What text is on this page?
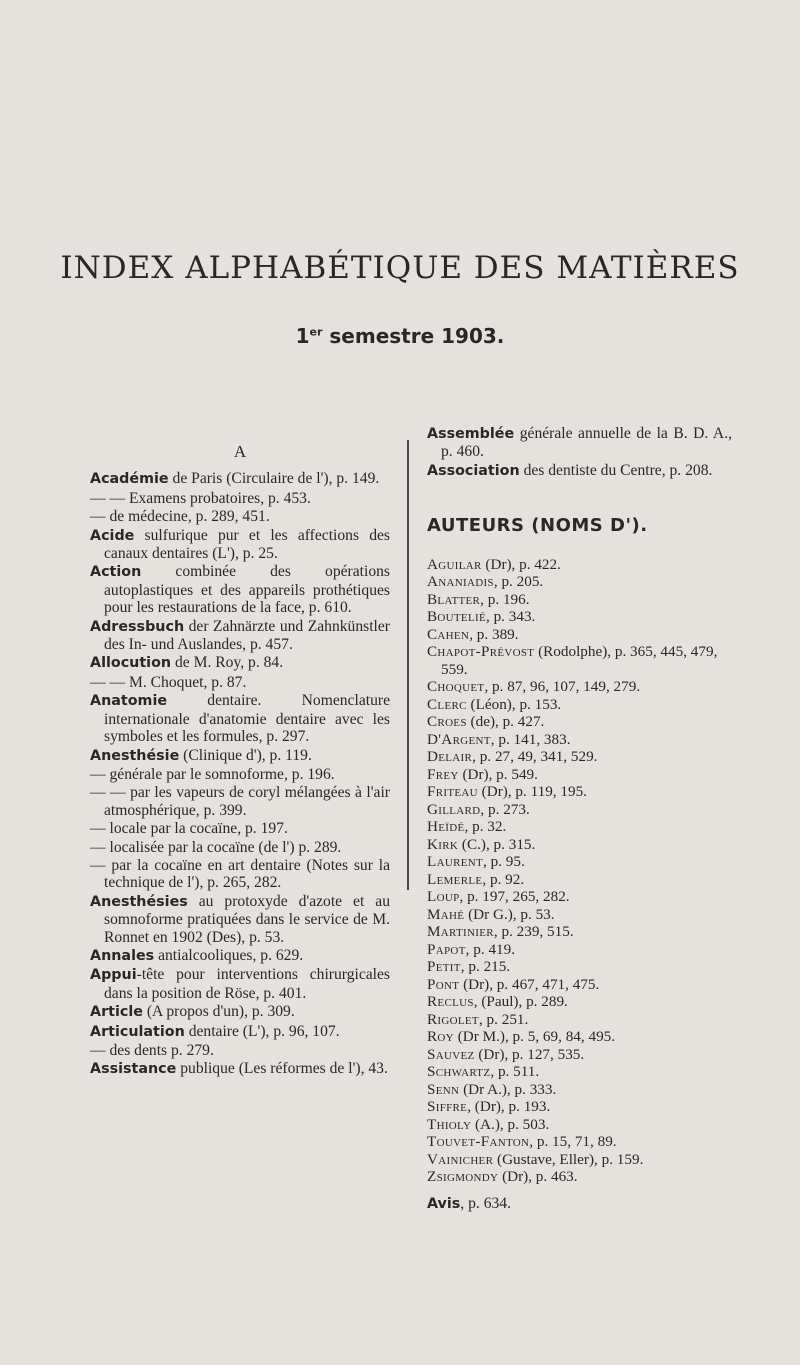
INDEX ALPHABÉTIQUE DES MATIÈRES
1er semestre 1903.
A
Académie de Paris (Circulaire de l'), p. 149.
— — Examens probatoires, p. 453.
— de médecine, p. 289, 451.
Acide sulfurique pur et les affections des canaux dentaires (L'), p. 25.
Action combinée des opérations autoplastiques et des appareils prothétiques pour les restaurations de la face, p. 610.
Adressbuch der Zahnärzte und Zahnkünstler des In- und Auslandes, p. 457.
Allocution de M. Roy, p. 84.
— — M. Choquet, p. 87.
Anatomie dentaire. Nomenclature internationale d'anatomie dentaire avec les symboles et les formules, p. 297.
Anesthésie (Clinique d'), p. 119.
— générale par le somnoforme, p. 196.
— — par les vapeurs de coryl mélangées à l'air atmosphérique, p. 399.
— locale par la cocaïne, p. 197.
— localisée par la cocaïne (de l') p. 289.
— par la cocaïne en art dentaire (Notes sur la technique de l'), p. 265, 282.
Anesthésies au protoxyde d'azote et au somnoforme pratiquées dans le service de M. Ronnet en 1902 (Des), p. 53.
Annales antialcooliques, p. 629.
Appui-tête pour interventions chirurgicales dans la position de Röse, p. 401.
Article (A propos d'un), p. 309.
Articulation dentaire (L'), p. 96, 107.
— des dents p. 279.
Assistance publique (Les réformes de l'), 43.
Assemblée générale annuelle de la B. D. A., p. 460.
Association des dentiste du Centre, p. 208.
AUTEURS (NOMS D').
Aguilar (Dr), p. 422.
Ananiadis, p. 205.
Blatter, p. 196.
Boutelié, p. 343.
Cahen, p. 389.
Chapot-Prévost (Rodolphe), p. 365, 445, 479, 559.
Choquet, p. 87, 96, 107, 149, 279.
Clerc (Léon), p. 153.
Croes (de), p. 427.
D'Argent, p. 141, 383.
Delair, p. 27, 49, 341, 529.
Frey (Dr), p. 549.
Friteau (Dr), p. 119, 195.
Gillard, p. 273.
Heïdé, p. 32.
Kirk (C.), p. 315.
Laurent, p. 95.
Lemerle, p. 92.
Loup, p. 197, 265, 282.
Mahé (Dr G.), p. 53.
Martinier, p. 239, 515.
Papot, p. 419.
Petit, p. 215.
Pont (Dr), p. 467, 471, 475.
Reclus, (Paul), p. 289.
Rigolet, p. 251.
Roy (Dr M.), p. 5, 69, 84, 495.
Sauvez (Dr), p. 127, 535.
Schwartz, p. 511.
Senn (Dr A.), p. 333.
Siffre, (Dr), p. 193.
Thioly (A.), p. 503.
Touvet-Fanton, p. 15, 71, 89.
Vainicher (Gustave, Eller), p. 159.
Zsigmondy (Dr), p. 463.
Avis, p. 634.
